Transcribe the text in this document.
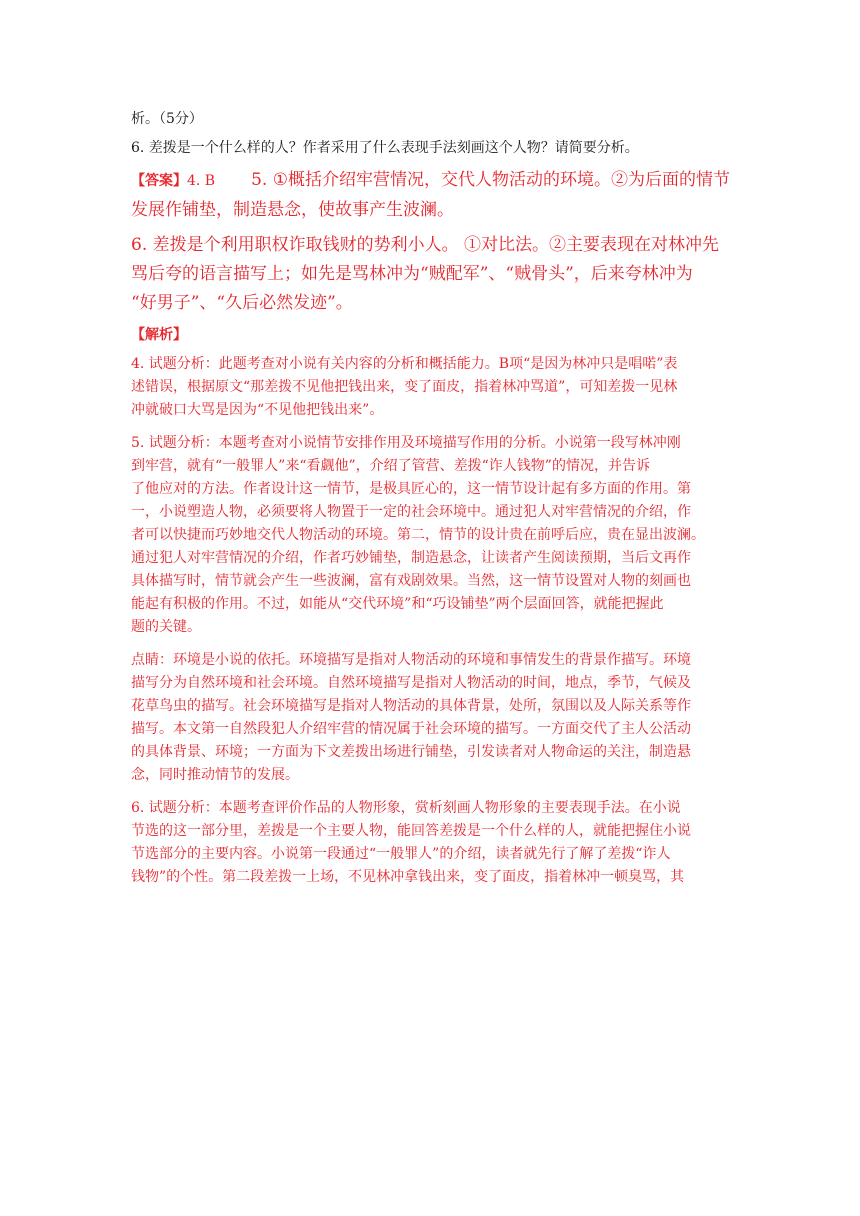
析。（5分）

6. 差拨是一个什么样的人？作者采用了什么表现手法刻画这个人物？请简要分析。

【答案】4. B 5. ①概括介绍牢营情况，交代人物活动的环境。②为后面的情节

发展作铺垫，制造悬念，使故事产生波澜。

6. 差拨是个利用职权诈取钱财的势利小人。 ①对比法。②主要表现在对林冲先

骂后夸的语言描写上；如先是骂林冲为“贼配军”、“贼骨头”，后来夸林冲为

“好男子”、“久后必然发迹”。

【解析】

4. 试题分析：此题考查对小说有关内容的分析和概括能力。B项“是因为林冲只是唱喏”表

述错误，根据原文“那差拨不见他把钱出来，变了面皮，指着林冲骂道”，可知差拨一见林

冲就破口大骂是因为“不见他把钱出来”。

5. 试题分析：本题考查对小说情节安排作用及环境描写作用的分析。小说第一段写林冲刚

到牢营，就有“一般罪人”来“看觑他”，介绍了管营、差拨“诈人钱物”的情况，并告诉

了他应对的方法。作者设计这一情节，是极具匠心的，这一情节设计起有多方面的作用。第

一，小说塑造人物，必须要将人物置于一定的社会环境中。通过犯人对牢营情况的介绍，作

者可以快捷而巧妙地交代人物活动的环境。第二，情节的设计贵在前呼后应，贵在显出波澜。

通过犯人对牢营情况的介绍，作者巧妙铺垫，制造悬念，让读者产生阅读预期，当后文再作

具体描写时，情节就会产生一些波澜，富有戏剧效果。当然，这一情节设置对人物的刻画也

能起有积极的作用。不过，如能从“交代环境”和“巧设铺垫”两个层面回答，就能把握此

题的关键。

点睛：环境是小说的依托。环境描写是指对人物活动的环境和事情发生的背景作描写。环境

描写分为自然环境和社会环境。自然环境描写是指对人物活动的时间，地点，季节，气候及

花草鸟虫的描写。社会环境描写是指对人物活动的具体背景，处所，氛围以及人际关系等作

描写。本文第一自然段犯人介绍牢营的情况属于社会环境的描写。一方面交代了主人公活动

的具体背景、环境；一方面为下文差拨出场进行铺垫，引发读者对人物命运的关注，制造悬

念，同时推动情节的发展。

6. 试题分析：本题考查评价作品的人物形象，赏析刻画人物形象的主要表现手法。在小说

节选的这一部分里，差拨是一个主要人物，能回答差拨是一个什么样的人，就能把握住小说

节选部分的主要内容。小说第一段通过“一般罪人”的介绍，读者就先行了解了差拨“诈人

钱物”的个性。第二段差拨一上场，不见林冲拿钱出来，变了面皮，指着林冲一顿臭骂，其
